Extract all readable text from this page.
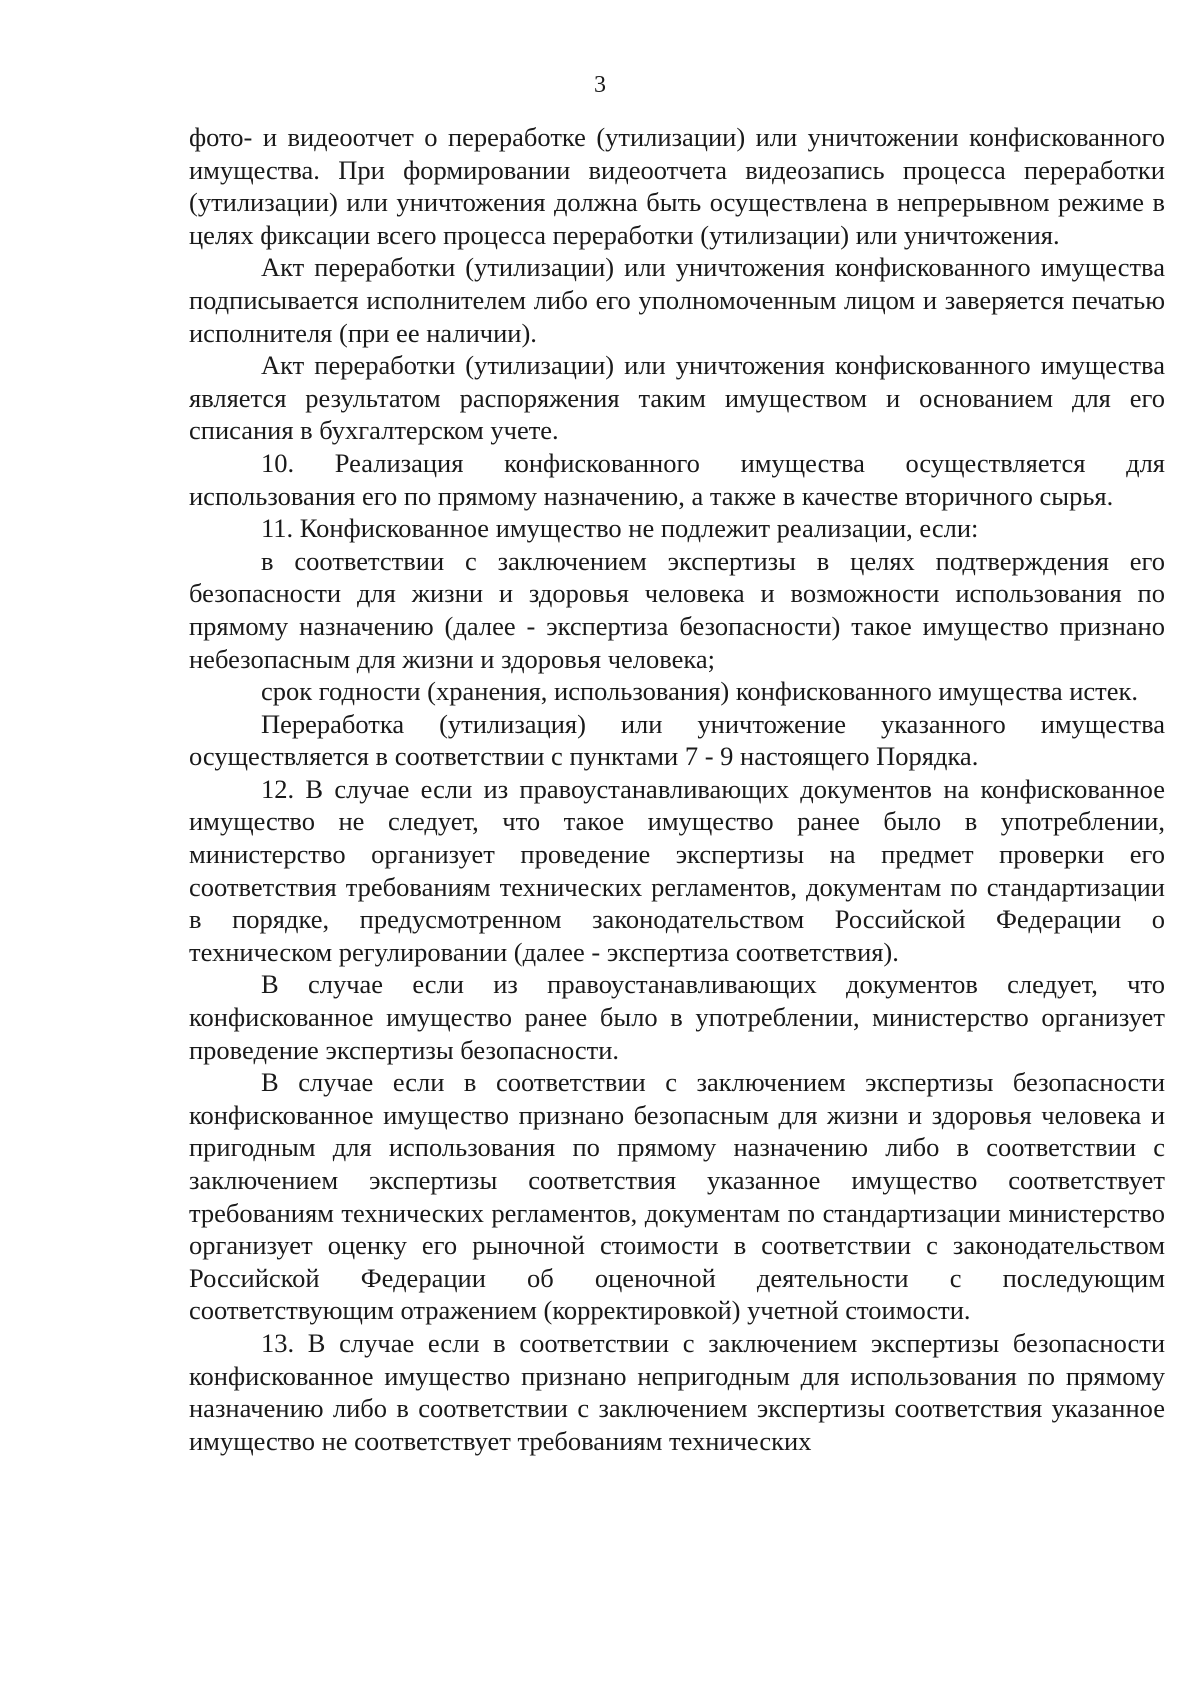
3

фото- и видеоотчет о переработке (утилизации) или уничтожении конфискованного имущества. При формировании видеоотчета видеозапись процесса переработки (утилизации) или уничтожения должна быть осуществлена в непрерывном режиме в целях фиксации всего процесса переработки (утилизации) или уничтожения.

Акт переработки (утилизации) или уничтожения конфискованного имущества подписывается исполнителем либо его уполномоченным лицом и заверяется печатью исполнителя (при ее наличии).

Акт переработки (утилизации) или уничтожения конфискованного имущества является результатом распоряжения таким имуществом и основанием для его списания в бухгалтерском учете.

10. Реализация конфискованного имущества осуществляется для использования его по прямому назначению, а также в качестве вторичного сырья.

11. Конфискованное имущество не подлежит реализации, если:

в соответствии с заключением экспертизы в целях подтверждения его безопасности для жизни и здоровья человека и возможности использования по прямому назначению (далее - экспертиза безопасности) такое имущество признано небезопасным для жизни и здоровья человека;

срок годности (хранения, использования) конфискованного имущества истек.

Переработка (утилизация) или уничтожение указанного имущества осуществляется в соответствии с пунктами 7 - 9 настоящего Порядка.

12. В случае если из правоустанавливающих документов на конфискованное имущество не следует, что такое имущество ранее было в употреблении, министерство организует проведение экспертизы на предмет проверки его соответствия требованиям технических регламентов, документам по стандартизации в порядке, предусмотренном законодательством Российской Федерации о техническом регулировании (далее - экспертиза соответствия).

В случае если из правоустанавливающих документов следует, что конфискованное имущество ранее было в употреблении, министерство организует проведение экспертизы безопасности.

В случае если в соответствии с заключением экспертизы безопасности конфискованное имущество признано безопасным для жизни и здоровья человека и пригодным для использования по прямому назначению либо в соответствии с заключением экспертизы соответствия указанное имущество соответствует требованиям технических регламентов, документам по стандартизации министерство организует оценку его рыночной стоимости в соответствии с законодательством Российской Федерации об оценочной деятельности с последующим соответствующим отражением (корректировкой) учетной стоимости.

13. В случае если в соответствии с заключением экспертизы безопасности конфискованное имущество признано непригодным для использования по прямому назначению либо в соответствии с заключением экспертизы соответствия указанное имущество не соответствует требованиям технических
